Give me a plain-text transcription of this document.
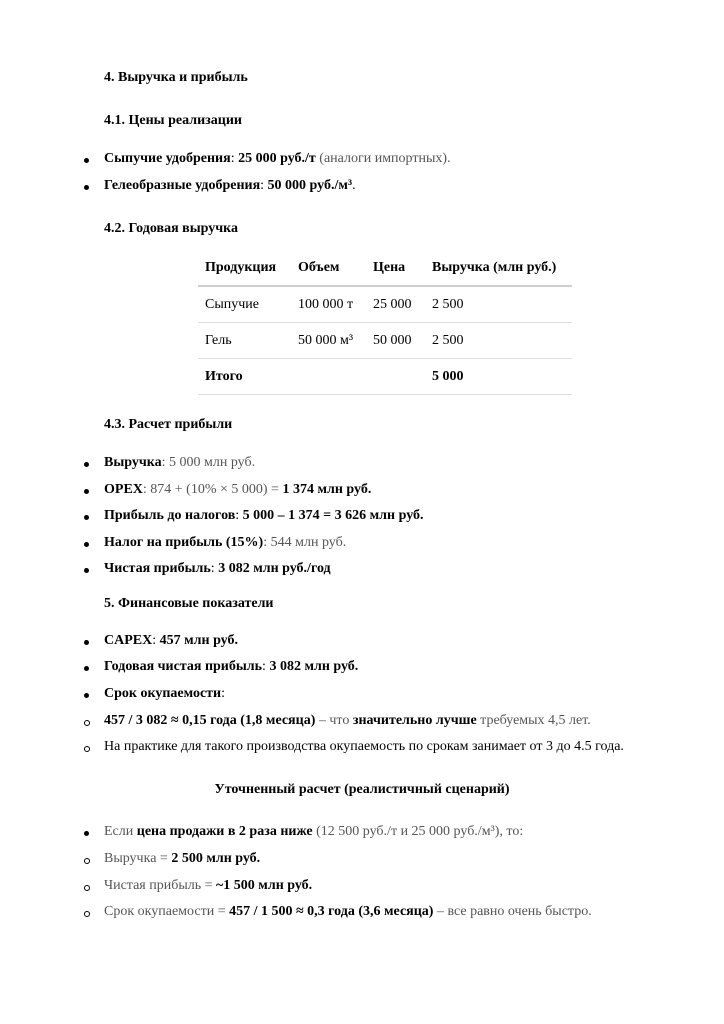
4. Выручка и прибыль
4.1. Цены реализации
Сыпучие удобрения: 25 000 руб./т (аналоги импортных).
Гелеобразные удобрения: 50 000 руб./м³.
4.2. Годовая выручка
Продукция	Объем	Цена	Выручка (млн руб.)
Сыпучие	100 000 т	25 000	2 500
Гель	50 000 м³	50 000	2 500
Итого			5 000
4.3. Расчет прибыли
Выручка: 5 000 млн руб.
OPEX: 874 + (10% × 5 000) = 1 374 млн руб.
Прибыль до налогов: 5 000 – 1 374 = 3 626 млн руб.
Налог на прибыль (15%): 544 млн руб.
Чистая прибыль: 3 082 млн руб./год
5. Финансовые показатели
CAPEX: 457 млн руб.
Годовая чистая прибыль: 3 082 млн руб.
Срок окупаемости:
457 / 3 082 ≈ 0,15 года (1,8 месяца) – что значительно лучше требуемых 4,5 лет.
На практике для такого производства окупаемость по срокам занимает от 3 до 4.5 года.
Уточненный расчет (реалистичный сценарий)
Если цена продажи в 2 раза ниже (12 500 руб./т и 25 000 руб./м³), то:
Выручка = 2 500 млн руб.
Чистая прибыль = ~1 500 млн руб.
Срок окупаемости = 457 / 1 500 ≈ 0,3 года (3,6 месяца) – все равно очень быстро.
